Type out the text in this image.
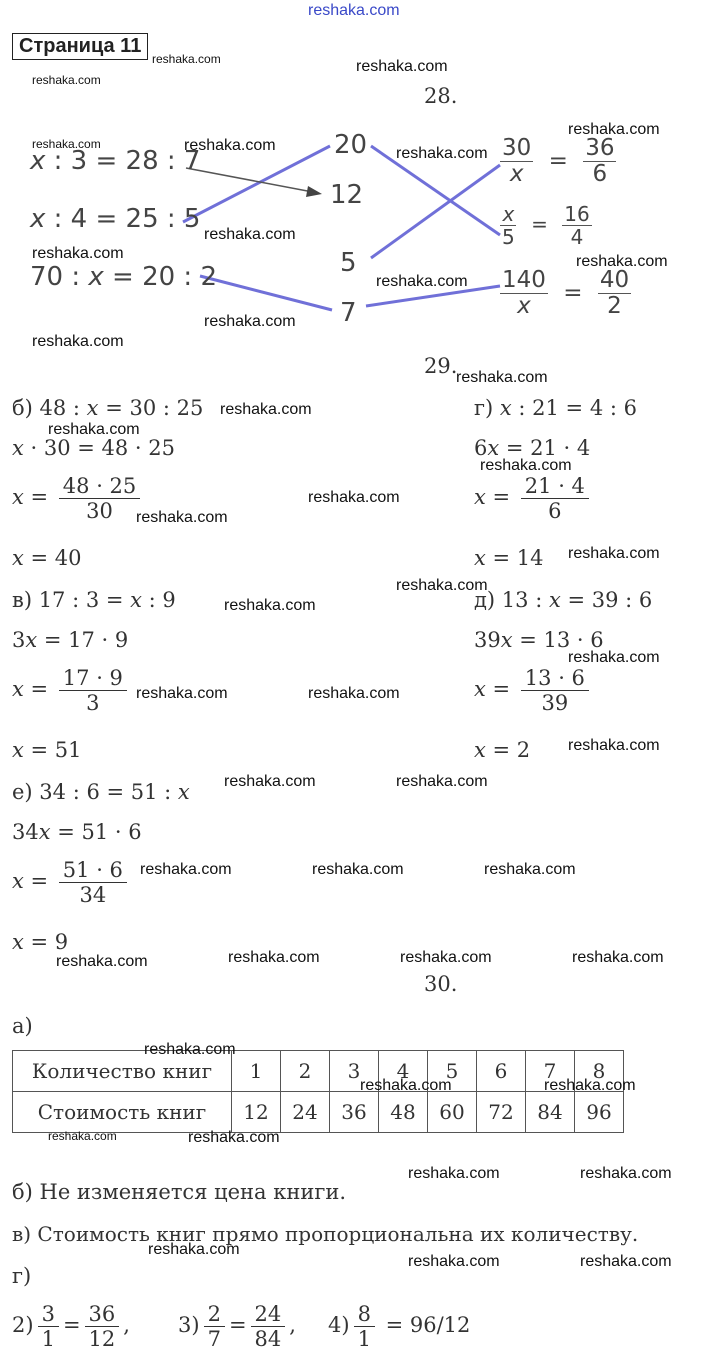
reshaka.com
Страница 11
28.
x : 3 = 28 : 7
x : 4 = 25 : 5
70 : x = 20 : 2
20
12
5
7
$\frac{30}{x} = \frac{36}{6}$
$\frac{x}{5} = \frac{16}{4}$
$\frac{140}{x} = \frac{40}{2}$
29.
б) 48 : x = 30 : 25
x · 30 = 48 · 25
$x = \frac{48 \cdot 25}{30}$
x = 40
г) x : 21 = 4 : 6
6x = 21 · 4
$x = \frac{21 \cdot 4}{6}$
x = 14
в) 17 : 3 = x : 9
3x = 17 · 9
$x = \frac{17 \cdot 9}{3}$
x = 51
д) 13 : x = 39 : 6
39x = 13 · 6
$x = \frac{13 \cdot 6}{39}$
x = 2
е) 34 : 6 = 51 : x
34x = 51 · 6
$x = \frac{51 \cdot 6}{34}$
x = 9
30.
а)
Количество книг	1	2	3	4	5	6	7	8
Стоимость книг	12	24	36	48	60	72	84	96
б) Не изменяется цена книги.
в) Стоимость книг прямо пропорциональна их количеству.
г)
$2) \frac{3}{1} = \frac{36}{12}$ , $3) \frac{2}{7} = \frac{24}{84}$ , $4) \frac{8}{1} = 96/12$
reshaka.com	reshaka.com
reshaka.com
reshaka.com	reshaka.com
reshaka.com
reshaka.com
reshaka.com
reshaka.com	reshaka.com
reshaka.com
reshaka.com
reshaka.com
reshaka.com
reshaka.com
reshaka.com
reshaka.com
reshaka.com
reshaka.com
reshaka.com
reshaka.com
reshaka.com
reshaka.com
reshaka.com	reshaka.com
reshaka.com
reshaka.com	reshaka.com
reshaka.com	reshaka.com	reshaka.com
reshaka.com	reshaka.com	reshaka.com
reshaka.com
reshaka.com
reshaka.com	reshaka.com
reshaka.com	reshaka.com
reshaka.com	reshaka.com
reshaka.com
reshaka.com	reshaka.com
